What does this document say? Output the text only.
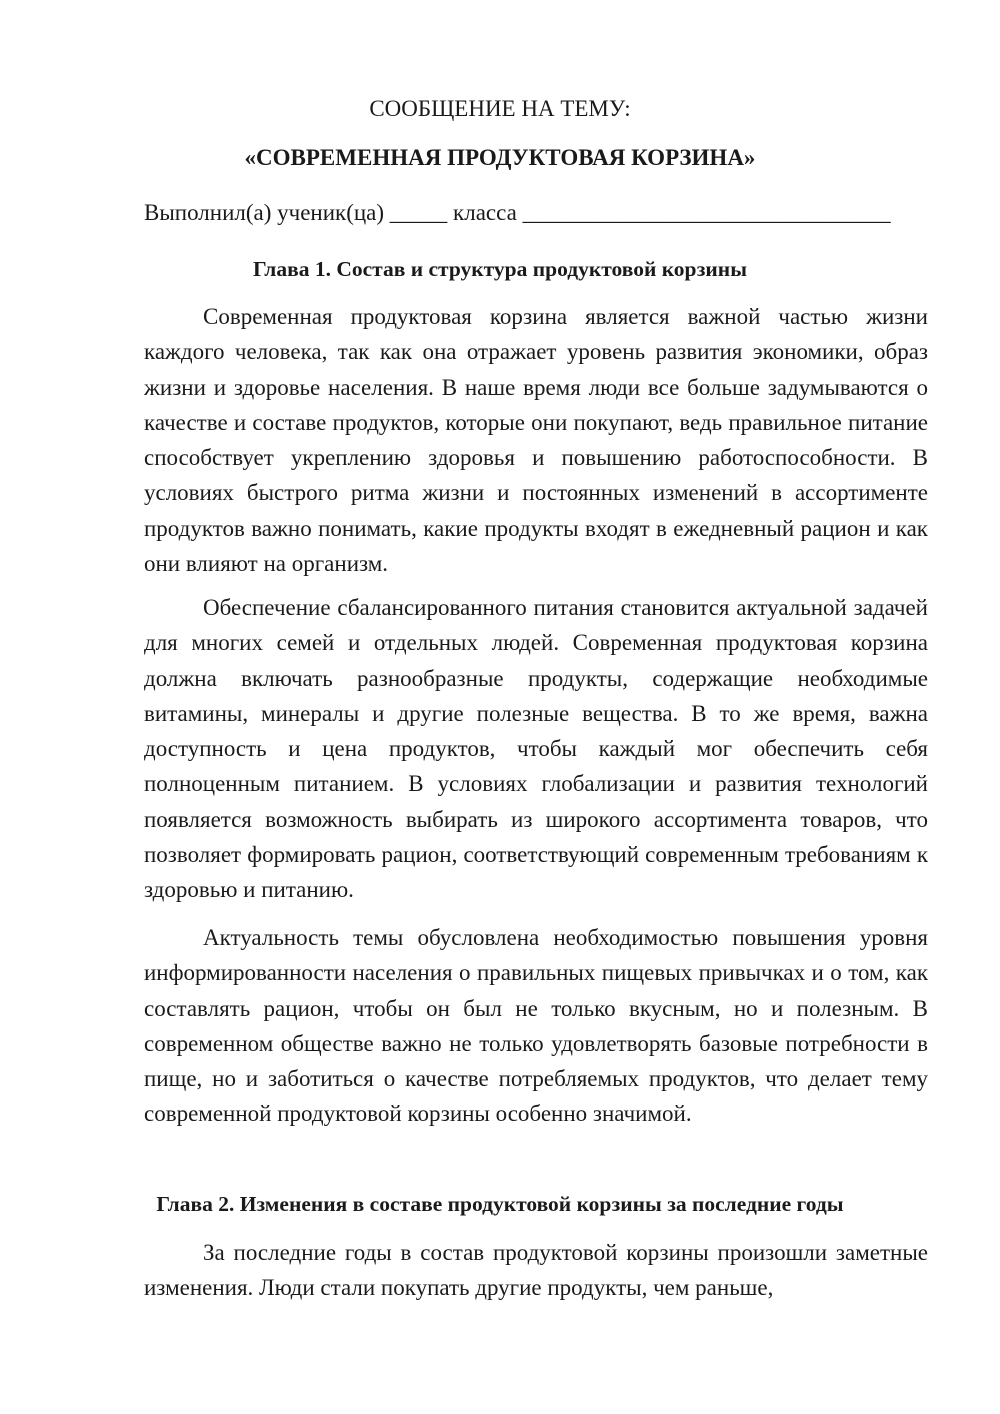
СООБЩЕНИЕ НА ТЕМУ:
«СОВРЕМЕННАЯ ПРОДУКТОВАЯ КОРЗИНА»
Выполнил(а) ученик(ца) _____ класса ________________________________
Глава 1. Состав и структура продуктовой корзины

Современная продуктовая корзина является важной частью жизни каждого человека, так как она отражает уровень развития экономики, образ жизни и здоровье населения. В наше время люди все больше задумываются о качестве и составе продуктов, которые они покупают, ведь правильное питание способствует укреплению здоровья и повышению работоспособности. В условиях быстрого ритма жизни и постоянных изменений в ассортименте продуктов важно понимать, какие продукты входят в ежедневный рацион и как они влияют на организм.

Обеспечение сбалансированного питания становится актуальной задачей для многих семей и отдельных людей. Современная продуктовая корзина должна включать разнообразные продукты, содержащие необходимые витамины, минералы и другие полезные вещества. В то же время, важна доступность и цена продуктов, чтобы каждый мог обеспечить себя полноценным питанием. В условиях глобализации и развития технологий появляется возможность выбирать из широкого ассортимента товаров, что позволяет формировать рацион, соответствующий современным требованиям к здоровью и питанию.

Актуальность темы обусловлена необходимостью повышения уровня информированности населения о правильных пищевых привычках и о том, как составлять рацион, чтобы он был не только вкусным, но и полезным. В современном обществе важно не только удовлетворять базовые потребности в пище, но и заботиться о качестве потребляемых продуктов, что делает тему современной продуктовой корзины особенно значимой.

Глава 2. Изменения в составе продуктовой корзины за последние годы

За последние годы в состав продуктовой корзины произошли заметные изменения. Люди стали покупать другие продукты, чем раньше,
